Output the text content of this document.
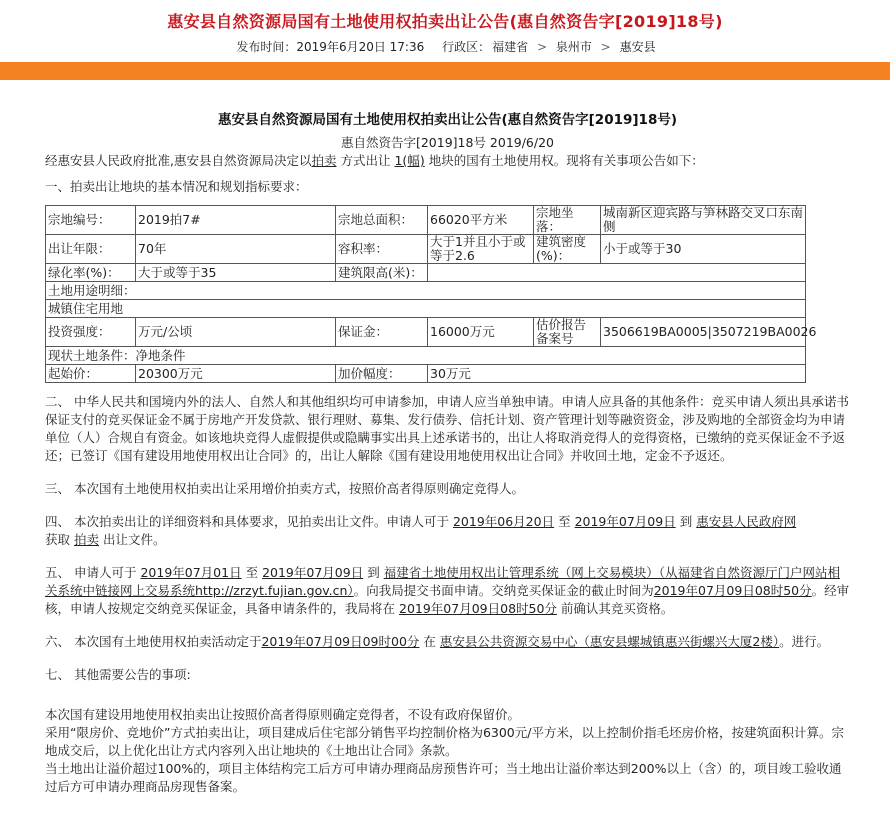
惠安县自然资源局国有土地使用权拍卖出让公告(惠自然资告字[2019]18号)
发布时间：2019年6月20日 17:36 行政区： 福建省 > 泉州市 > 惠安县
惠安县自然资源局国有土地使用权拍卖出让公告(惠自然资告字[2019]18号)
惠自然资告字[2019]18号 2019/6/20
经惠安县人民政府批准,惠安县自然资源局决定以拍卖 方式出让 1(幅) 地块的国有土地使用权。现将有关事项公告如下：
一、拍卖出让地块的基本情况和规划指标要求：
宗地编号：	2019拍7#	宗地总面积：	66020平方米	宗地坐落：	城南新区迎宾路与笋林路交叉口东南侧
出让年限：	70年	容积率：	大于1并且小于或等于2.6	建筑密度(%)：	小于或等于30
绿化率(%)：	大于或等于35	建筑限高(米)：			
土地用途明细：					
城镇住宅用地					
投资强度：	万元/公顷	保证金：	16000万元	估价报告备案号	3506619BA0005|3507219BA0026
现状土地条件：净地条件					
起始价：	20300万元	加价幅度：	30万元		
二、 中华人民共和国境内外的法人、自然人和其他组织均可申请参加，申请人应当单独申请。申请人应具备的其他条件：竞买申请人须出具承诺书保证支付的竞买保证金不属于房地产开发贷款、银行理财、募集、发行债券、信托计划、资产管理计划等融资资金，涉及购地的全部资金均为申请单位（人）合规自有资金。如该地块竞得人虚假提供或隐瞒事实出具上述承诺书的，出让人将取消竞得人的竞得资格，已缴纳的竞买保证金不予返还；已签订《国有建设用地使用权出让合同》的，出让人解除《国有建设用地使用权出让合同》并收回土地，定金不予返还。
三、 本次国有土地使用权拍卖出让采用增价拍卖方式，按照价高者得原则确定竞得人。
四、 本次拍卖出让的详细资料和具体要求，见拍卖出让文件。申请人可于 2019年06月20日 至 2019年07月09日 到 惠安县人民政府网
获取 拍卖 出让文件。
五、 申请人可于 2019年07月01日 至 2019年07月09日 到 福建省土地使用权出让管理系统（网上交易模块）（从福建省自然资源厅门户网站相关系统中链接网上交易系统http://zrzyt.fujian.gov.cn）。向我局提交书面申请。交纳竞买保证金的截止时间为2019年07月09日08时50分。经审核，申请人按规定交纳竞买保证金，具备申请条件的，我局将在 2019年07月09日08时50分 前确认其竞买资格。
六、 本次国有土地使用权拍卖活动定于2019年07月09日09时00分 在 惠安县公共资源交易中心（惠安县螺城镇惠兴街螺兴大厦2楼）。进行。
七、 其他需要公告的事项:
本次国有建设用地使用权拍卖出让按照价高者得原则确定竞得者，不设有政府保留价。
采用“限房价、竞地价”方式拍卖出让，项目建成后住宅部分销售平均控制价格为6300元/平方米，以上控制价指毛坯房价格，按建筑面积计算。宗地成交后，以上优化出让方式内容列入出让地块的《土地出让合同》条款。
当土地出让溢价超过100%的，项目主体结构完工后方可申请办理商品房预售许可；当土地出让溢价率达到200%以上（含）的，项目竣工验收通过后方可申请办理商品房现售备案。
